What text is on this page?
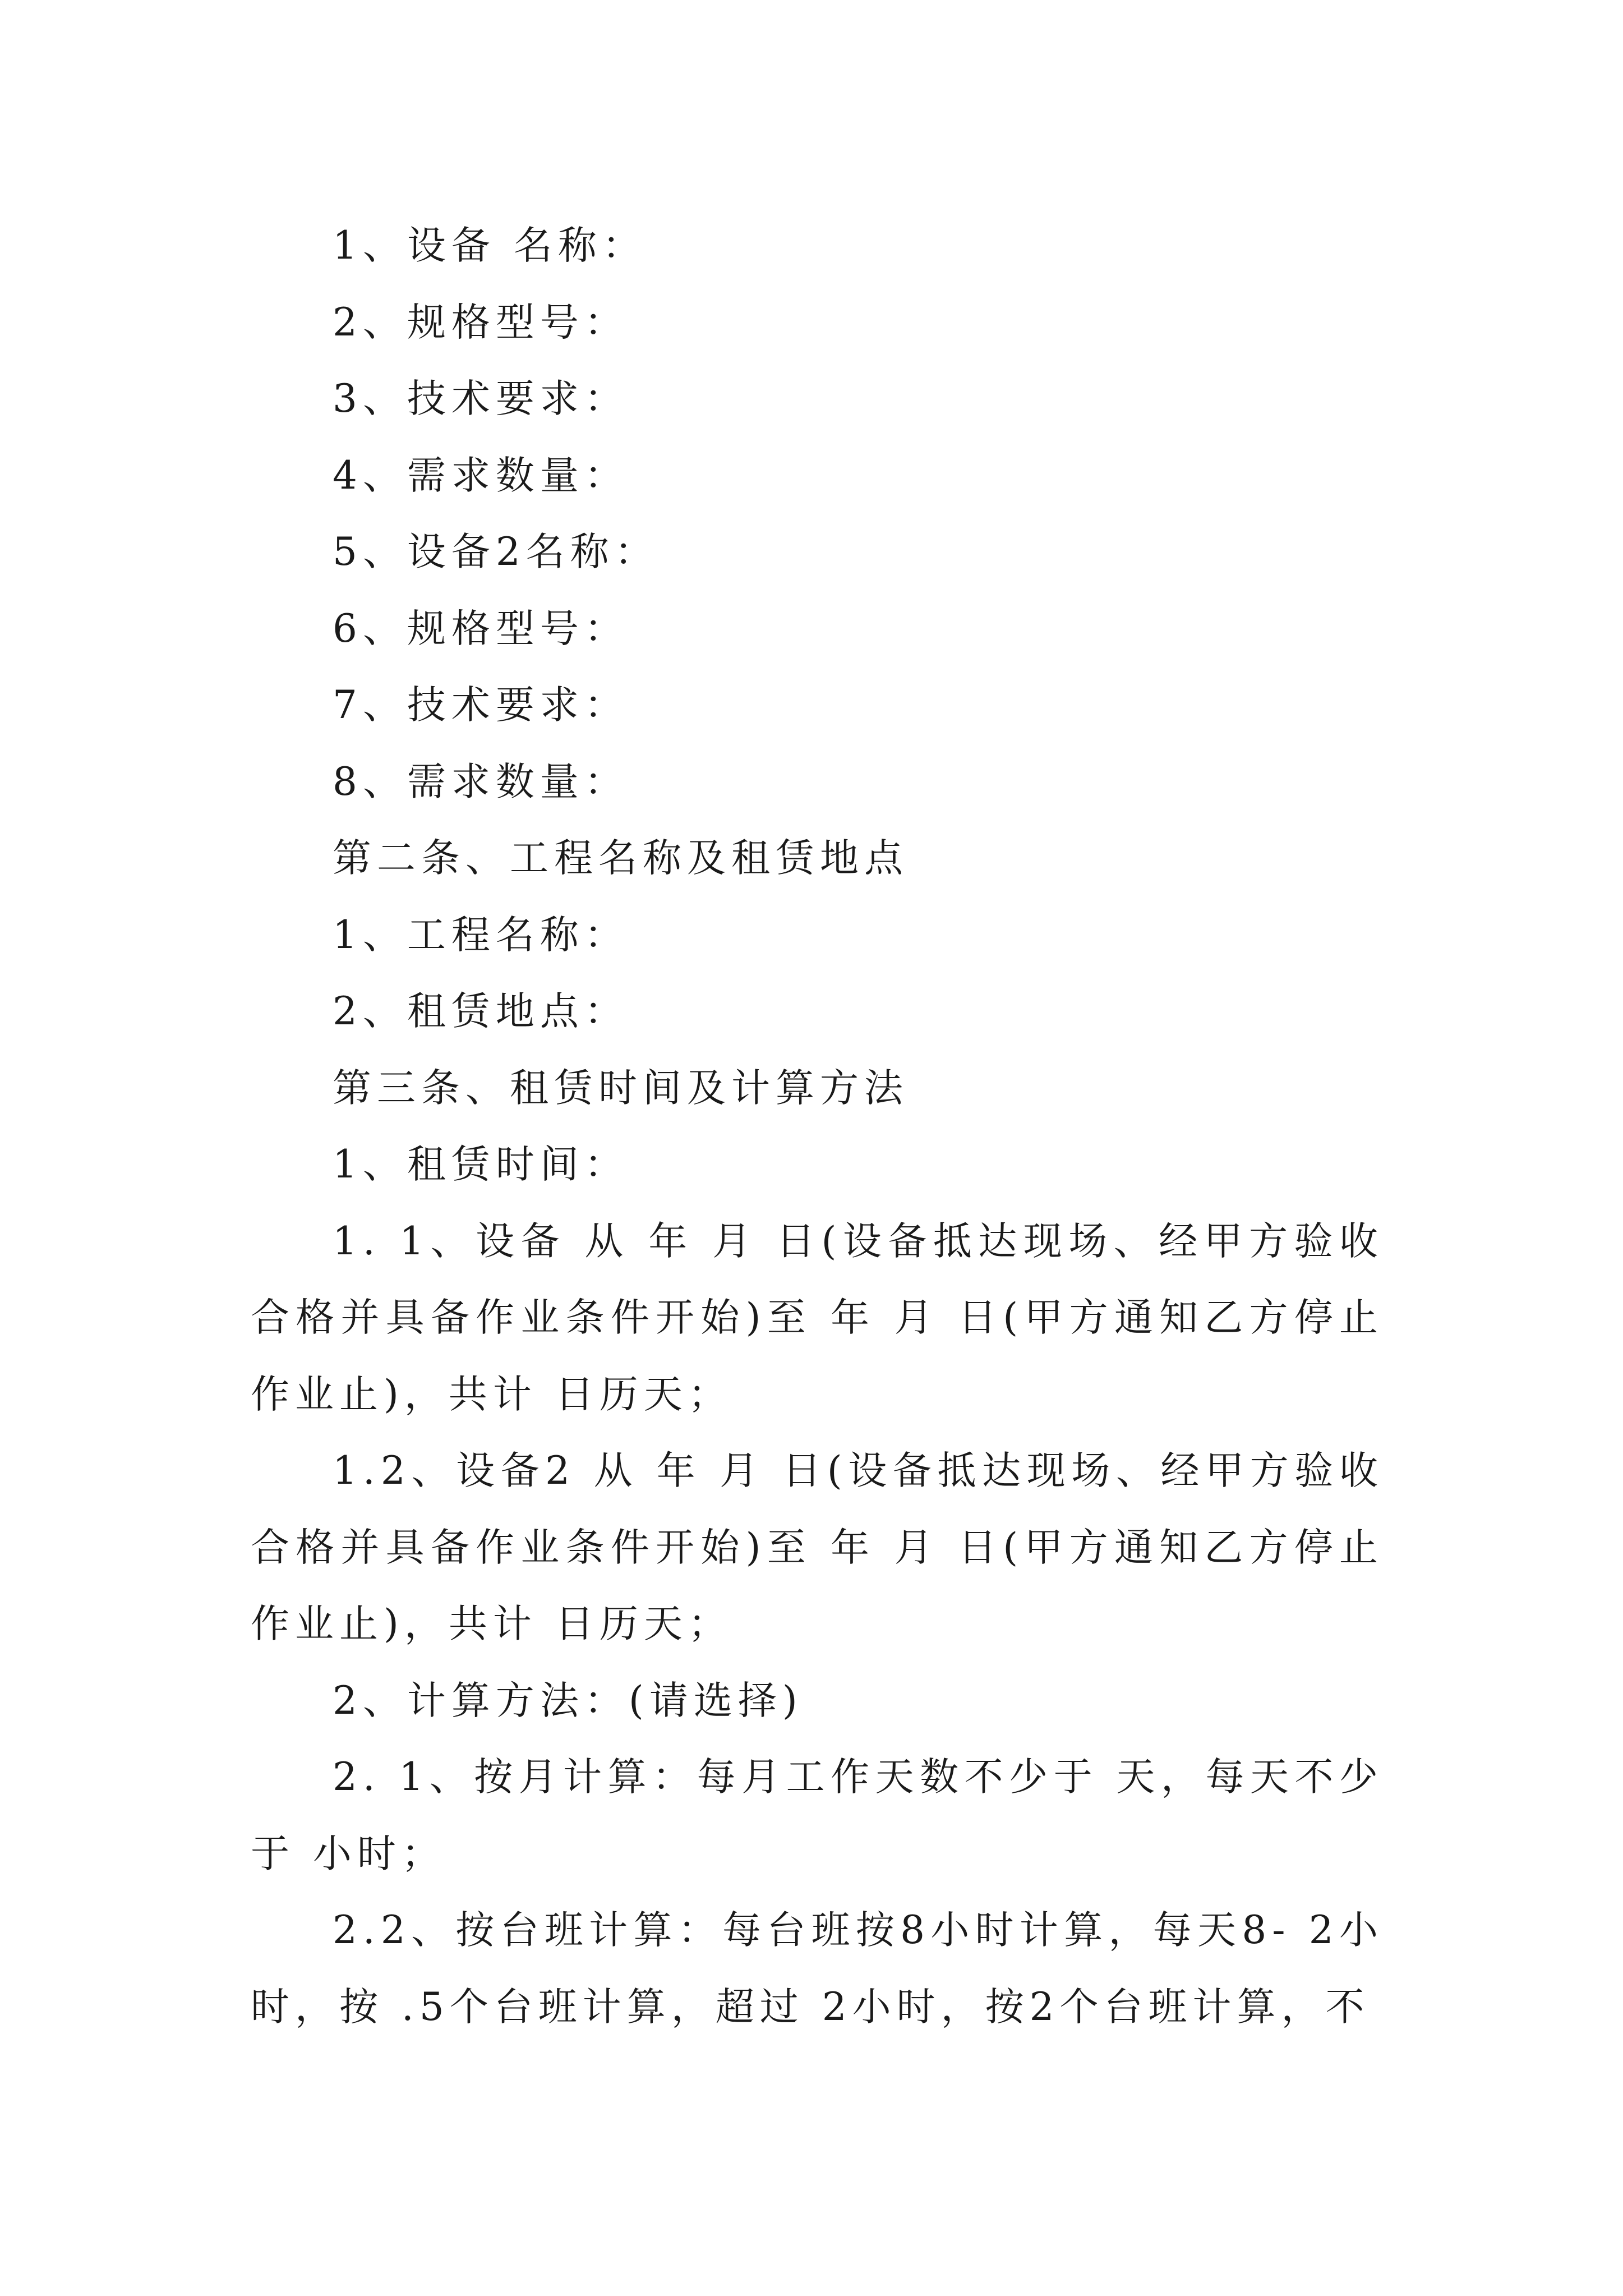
1、设备 名称：

2、规格型号：

3、技术要求：

4、需求数量：

5、设备2名称：

6、规格型号：

7、技术要求：

8、需求数量：

第二条、工程名称及租赁地点

1、工程名称：

2、租赁地点：

第三条、租赁时间及计算方法

1、租赁时间：

1. 1、设备 从 年 月 日(设备抵达现场、经甲方验收合格并具备作业条件开始)至 年 月 日(甲方通知乙方停止作业止)，共计 日历天；

1.2、设备2 从 年 月 日(设备抵达现场、经甲方验收合格并具备作业条件开始)至 年 月 日(甲方通知乙方停止作业止)，共计 日历天；

2、计算方法：(请选择)

2. 1、按月计算：每月工作天数不少于 天，每天不少于 小时；

2.2、按台班计算：每台班按8小时计算，每天8- 2小时，按 .5个台班计算，超过 2小时，按2个台班计算，不
